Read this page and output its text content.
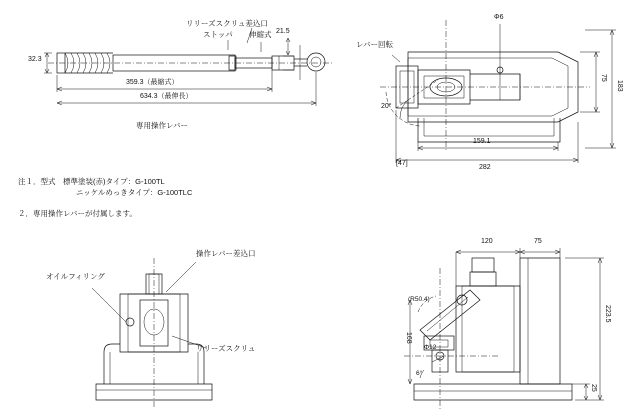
リリーズスクリュ差込口
ストッパ 伸縮式
32.3
21.5
359.3（最縮式）
634.3（最伸長）
専用操作レバー
注１．型式　標準塗装(赤)タイプ：G-100TL
ニッケルめっきタイプ：G-100TLC
２．専用操作レバーが付属します。
レバー回転
Φ6
282
159.1
[47]
183
75
20°
オイルフィリング
操作レバー差込口
リリーズスクリュ
120	75
223.5
168
25
(R50.4)
Φ12
6°
